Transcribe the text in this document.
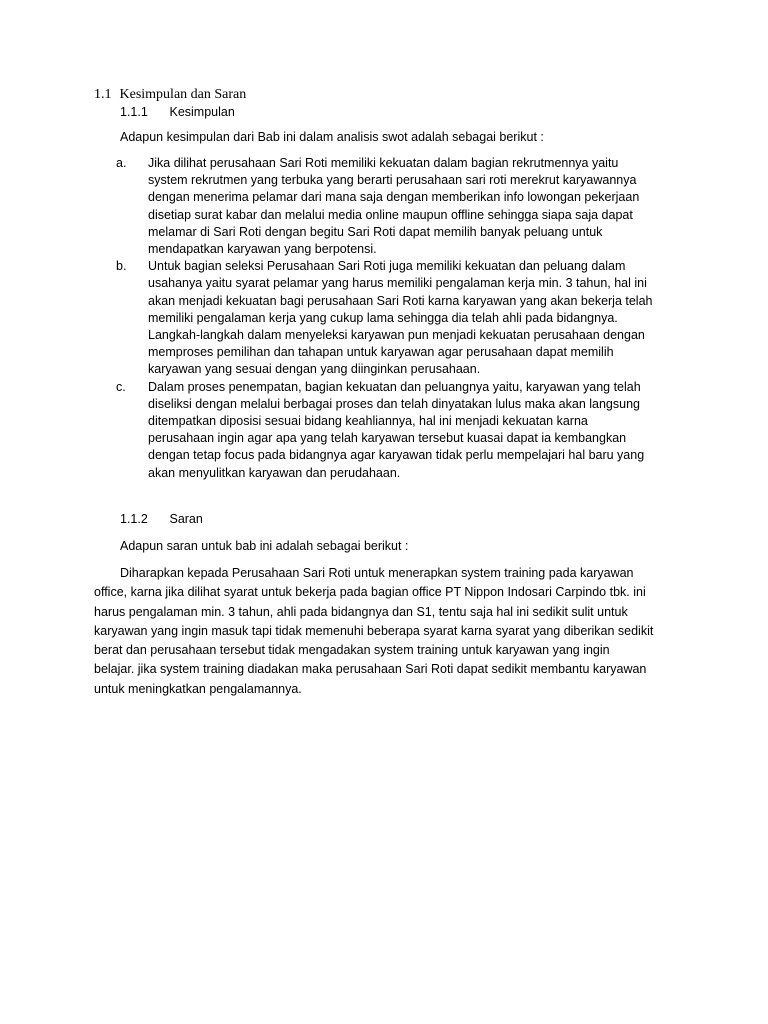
1.1 Kesimpulan dan Saran
1.1.1 Kesimpulan
Adapun kesimpulan dari Bab ini dalam analisis swot adalah sebagai berikut :
a. Jika dilihat perusahaan Sari Roti memiliki kekuatan dalam bagian rekrutmennya yaitu
system rekrutmen yang terbuka yang berarti perusahaan sari roti merekrut karyawannya
dengan menerima pelamar dari mana saja dengan memberikan info lowongan pekerjaan
disetiap surat kabar dan melalui media online maupun offline sehingga siapa saja dapat
melamar di Sari Roti dengan begitu Sari Roti dapat memilih banyak peluang untuk
mendapatkan karyawan yang berpotensi.
b. Untuk bagian seleksi Perusahaan Sari Roti juga memiliki kekuatan dan peluang dalam
usahanya yaitu syarat pelamar yang harus memiliki pengalaman kerja min. 3 tahun, hal ini
akan menjadi kekuatan bagi perusahaan Sari Roti karna karyawan yang akan bekerja telah
memiliki pengalaman kerja yang cukup lama sehingga dia telah ahli pada bidangnya.
Langkah-langkah dalam menyeleksi karyawan pun menjadi kekuatan perusahaan dengan
memproses pemilihan dan tahapan untuk karyawan agar perusahaan dapat memilih
karyawan yang sesuai dengan yang diinginkan perusahaan.
c. Dalam proses penempatan, bagian kekuatan dan peluangnya yaitu, karyawan yang telah
diseliksi dengan melalui berbagai proses dan telah dinyatakan lulus maka akan langsung
ditempatkan diposisi sesuai bidang keahliannya, hal ini menjadi kekuatan karna
perusahaan ingin agar apa yang telah karyawan tersebut kuasai dapat ia kembangkan
dengan tetap focus pada bidangnya agar karyawan tidak perlu mempelajari hal baru yang
akan menyulitkan karyawan dan perudahaan.
1.1.2 Saran
Adapun saran untuk bab ini adalah sebagai berikut :
Diharapkan kepada Perusahaan Sari Roti untuk menerapkan system training pada karyawan
office, karna jika dilihat syarat untuk bekerja pada bagian office PT Nippon Indosari Carpindo tbk. ini
harus pengalaman min. 3 tahun, ahli pada bidangnya dan S1, tentu saja hal ini sedikit sulit untuk
karyawan yang ingin masuk tapi tidak memenuhi beberapa syarat karna syarat yang diberikan sedikit
berat dan perusahaan tersebut tidak mengadakan system training untuk karyawan yang ingin
belajar. jika system training diadakan maka perusahaan Sari Roti dapat sedikit membantu karyawan
untuk meningkatkan pengalamannya.
